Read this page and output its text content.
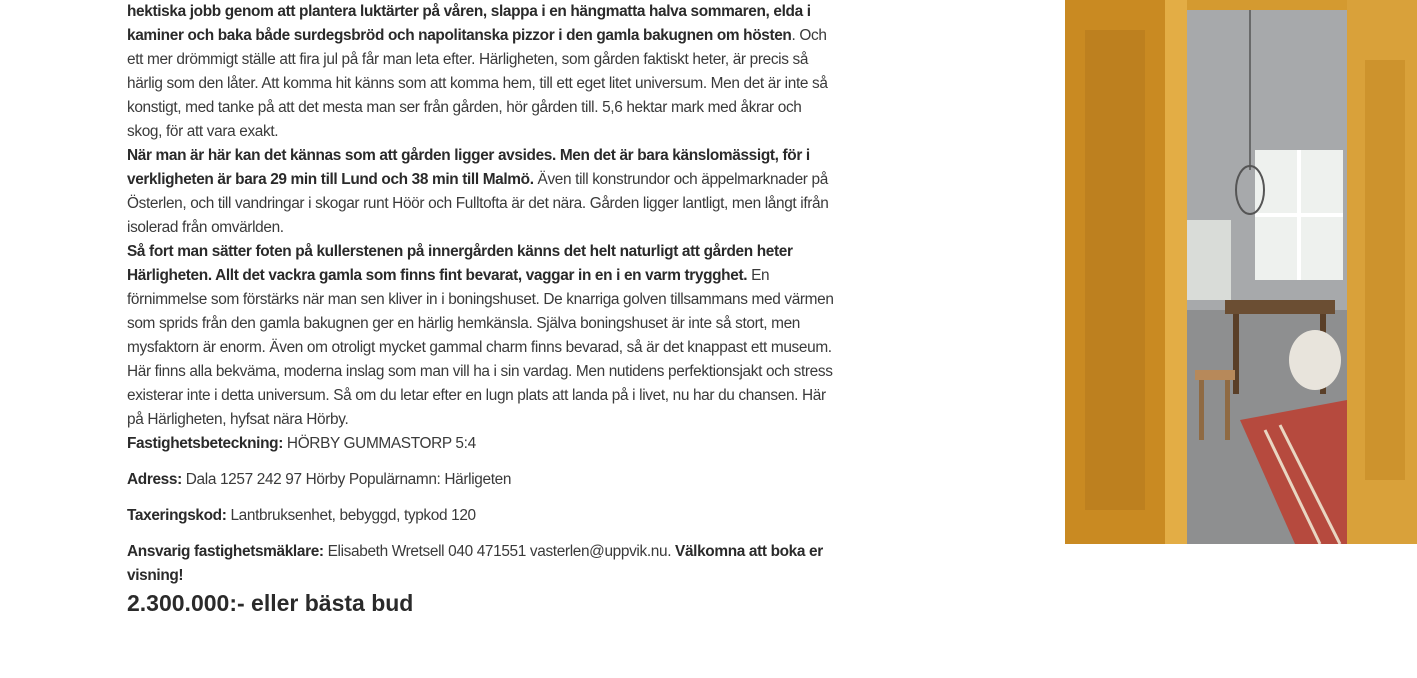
hektiska jobb genom att plantera luktärter på våren, slappa i en hängmatta halva sommaren, elda i kaminer och baka både surdegsbröd och napolitanska pizzor i den gamla bakugnen om hösten. Och ett mer drömmigt ställe att fira jul på får man leta efter. Härligheten, som gården faktiskt heter, är precis så härlig som den låter. Att komma hit känns som att komma hem, till ett eget litet universum. Men det är inte så konstigt, med tanke på att det mesta man ser från gården, hör gården till. 5,6 hektar mark med åkrar och skog, för att vara exakt.

När man är här kan det kännas som att gården ligger avsides. Men det är bara känslomässigt, för i verkligheten är bara 29 min till Lund och 38 min till Malmö. Även till konstrundor och äppelmarknader på Österlen, och till vandringar i skogar runt Höör och Fulltofta är det nära. Gården ligger lantligt, men långt ifrån isolerad från omvärlden.

Så fort man sätter foten på kullerstenen på innergården känns det helt naturligt att gården heter Härligheten. Allt det vackra gamla som finns fint bevarat, vaggar in en i en varm trygghet. En förnimmelse som förstärks när man sen kliver in i boningshuset. De knarriga golven tillsammans med värmen som sprids från den gamla bakugnen ger en härlig hemkänsla. Själva boningshuset är inte så stort, men mysfaktorn är enorm. Även om otroligt mycket gammal charm finns bevarad, så är det knappast ett museum. Här finns alla bekväma, moderna inslag som man vill ha i sin vardag. Men nutidens perfektionsjakt och stress existerar inte i detta universum. Så om du letar efter en lugn plats att landa på i livet, nu har du chansen. Här på Härligheten, hyfsat nära Hörby.

Fastighetsbeteckning: HÖRBY GUMMASTORP 5:4

Adress: Dala 1257 242 97 Hörby Populärnamn: Härligeten

Taxeringskod: Lantbruksenhet, bebyggd, typkod 120

Ansvarig fastighetsmäklare: Elisabeth Wretsell 040 471551 vasterlen@uppvik.nu. Välkomna att boka er visning!

2.300.000:- eller bästa bud
